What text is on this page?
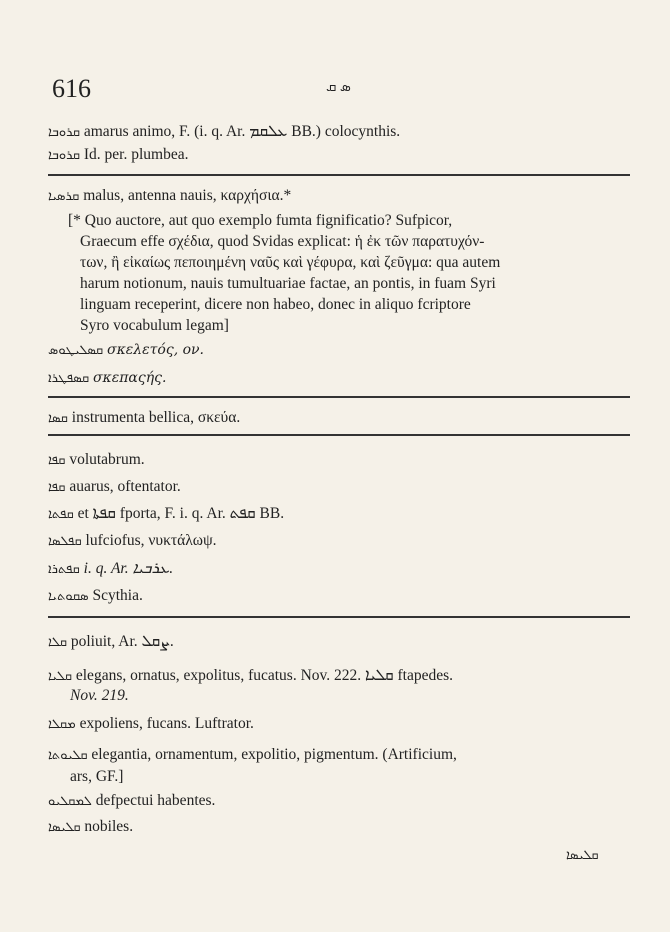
616	ܣ ܩ
ܩܪܘܒܐ amarus animo, F. (i. q. Ar. ܥܠܩܡ BB.) colocynthis.
ܩܪܘܒܐ Id. per. plumbea.
ܩܪܣܝܐ malus, antenna nauis, καρχήσια.*
[* Quo auctore, aut quo exemplo fumta fignificatio? Sufpicor,
Graecum effe σχέδια, quod Svidas explicat: ἡ ἐκ τῶν παρατυχόν-
των, ἢ εἰκαίως πεποιημένη ναῦς καὶ γέφυρα, καὶ ζεῦγμα: qua autem
harum notionum, nauis tumultuariae factae, an pontis, in fuam Syri
linguam receperint, dicere non habeo, donec in aliquo fcriptore
Syro vocabulum legam]
ܩܣܠܝܛܘܣ σκελετός, ον.
ܩܣܦܛܪܐ σκεπαςής.
ܩܣܐ instrumenta bellica, σκεύα.
ܩܦܐ volutabrum.
ܩܦܐ auarus, oftentator.
ܩܦܬܐ et ܩܦܬܐ fporta, F. i. q. Ar. ܩܦܬ BB.
ܩܦܠܣܐ lufciofus, νυκτάλωψ.
ܩܦܬܪܐ i. q. Ar. ܥܪܒܝܐ.
ܣܩܘܬܝܐ Scythia.
ܩܠܐ poliuit, Ar. ܨܩܠ.
ܩܠܝܐ elegans, ornatus, expolitus, fucatus. Nov. 222. ܩܠܝܐ ftapedes.
Nov. 219.
ܡܩܠܐ expoliens, fucans. Luftrator.
ܩܠܝܘܬܐ elegantia, ornamentum, expolitio, pigmentum. (Artificium,
ars, GF.]
ܠܡܩܠܝܘ defpectui habentes.
ܩܠܝܣܐ nobiles.
ܩܠܝܣܐ
